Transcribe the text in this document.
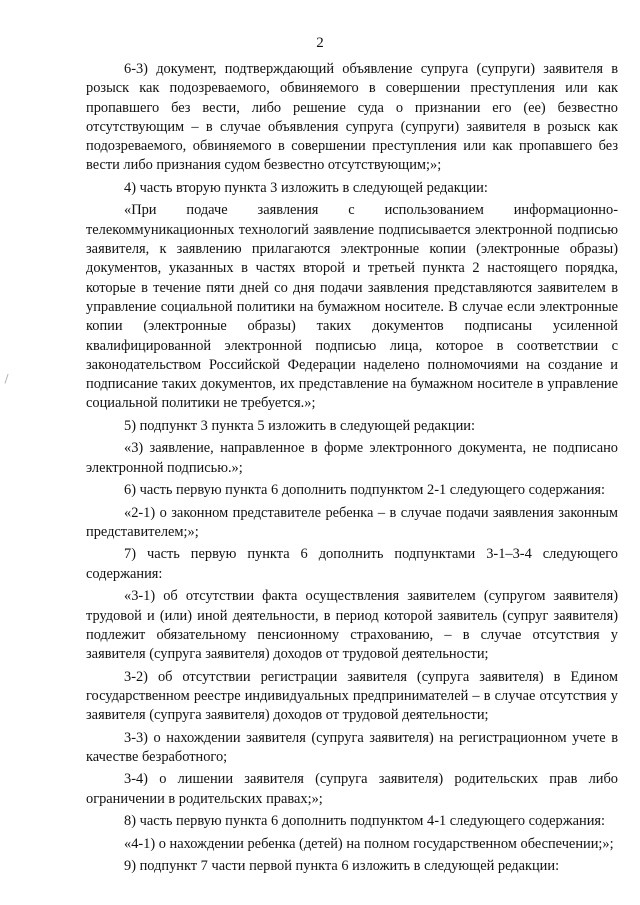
2

6-3) документ, подтверждающий объявление супруга (супруги) заявителя в розыск как подозреваемого, обвиняемого в совершении преступления или как пропавшего без вести, либо решение суда о признании его (ее) безвестно отсутствующим – в случае объявления супруга (супруги) заявителя в розыск как подозреваемого, обвиняемого в совершении преступления или как пропавшего без вести либо признания судом безвестно отсутствующим;»;

4) часть вторую пункта 3 изложить в следующей редакции:

«При подаче заявления с использованием информационно-телекоммуникационных технологий заявление подписывается электронной подписью заявителя, к заявлению прилагаются электронные копии (электронные образы) документов, указанных в частях второй и третьей пункта 2 настоящего порядка, которые в течение пяти дней со дня подачи заявления представляются заявителем в управление социальной политики на бумажном носителе. В случае если электронные копии (электронные образы) таких документов подписаны усиленной квалифицированной электронной подписью лица, которое в соответствии с законодательством Российской Федерации наделено полномочиями на создание и подписание таких документов, их представление на бумажном носителе в управление социальной политики не требуется.»;

5) подпункт 3 пункта 5 изложить в следующей редакции:

«3) заявление, направленное в форме электронного документа, не подписано электронной подписью.»;

6) часть первую пункта 6 дополнить подпунктом 2-1 следующего содержания:

«2-1) о законном представителе ребенка – в случае подачи заявления законным представителем;»;

7) часть первую пункта 6 дополнить подпунктами 3-1–3-4 следующего содержания:

«3-1) об отсутствии факта осуществления заявителем (супругом заявителя) трудовой и (или) иной деятельности, в период которой заявитель (супруг заявителя) подлежит обязательному пенсионному страхованию, – в случае отсутствия у заявителя (супруга заявителя) доходов от трудовой деятельности;

3-2) об отсутствии регистрации заявителя (супруга заявителя) в Едином государственном реестре индивидуальных предпринимателей – в случае отсутствия у заявителя (супруга заявителя) доходов от трудовой деятельности;

3-3) о нахождении заявителя (супруга заявителя) на регистрационном учете в качестве безработного;

3-4) о лишении заявителя (супруга заявителя) родительских прав либо ограничении в родительских правах;»;

8) часть первую пункта 6 дополнить подпунктом 4-1 следующего содержания:

«4-1) о нахождении ребенка (детей) на полном государственном обеспечении;»;

9) подпункт 7 части первой пункта 6 изложить в следующей редакции:
